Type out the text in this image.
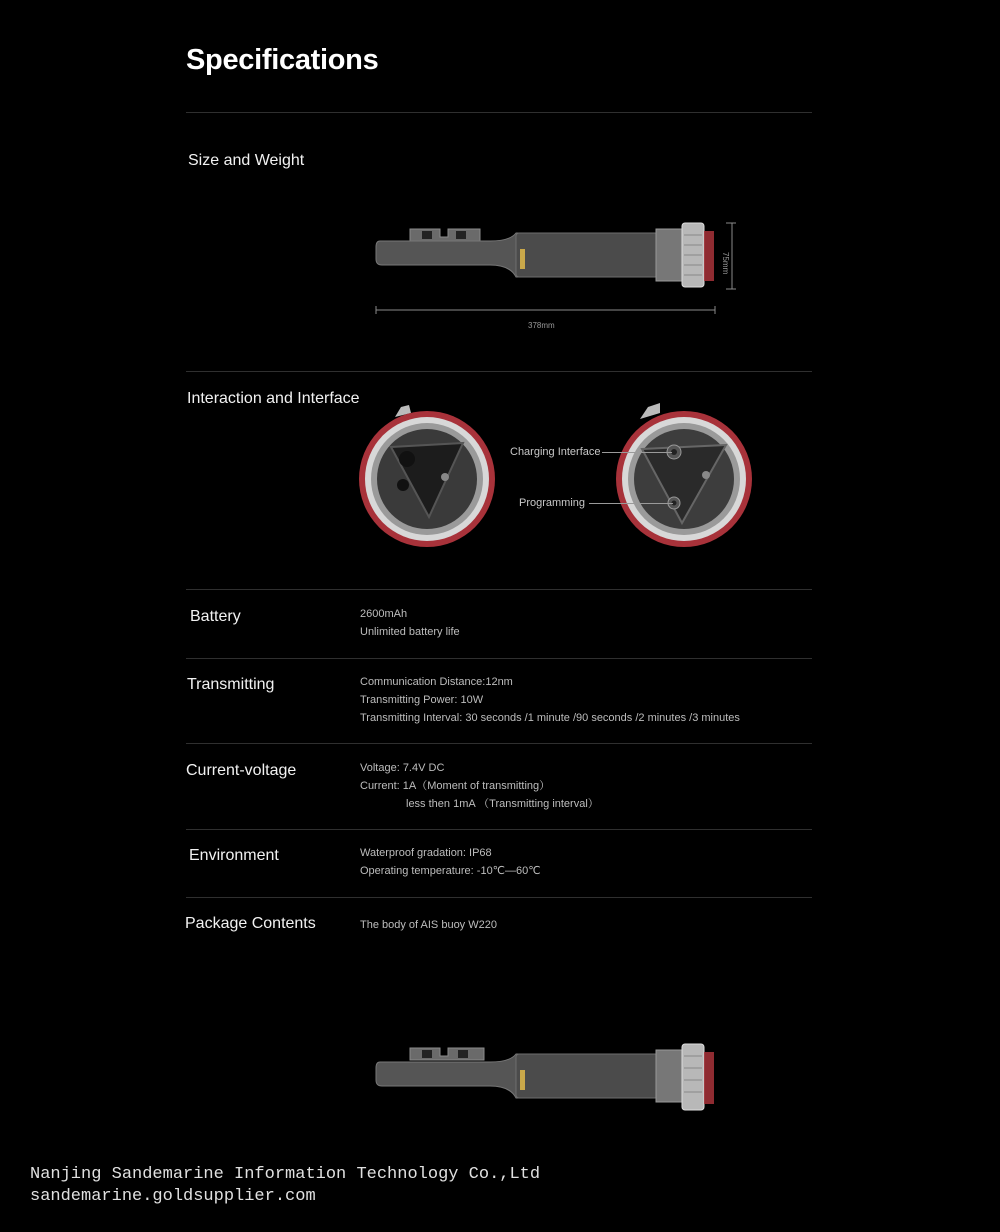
Specifications
Size and Weight
378mm
75mm
Interaction and Interface
Charging Interface
Programming
Battery	2600mAh
Unlimited battery life
Transmitting	Communication Distance:12nm
Transmitting Power: 10W
Transmitting Interval: 30 seconds /1 minute /90 seconds /2 minutes /3 minutes
Current-voltage	Voltage: 7.4V DC
Current: 1A（Moment of transmitting）
less then 1mA （Transmitting interval）
Environment	Waterproof gradation: IP68
Operating temperature: -10℃—60℃
Package Contents	The body of AIS buoy W220
Nanjing Sandemarine Information Technology Co.,Ltd
sandemarine.goldsupplier.com
